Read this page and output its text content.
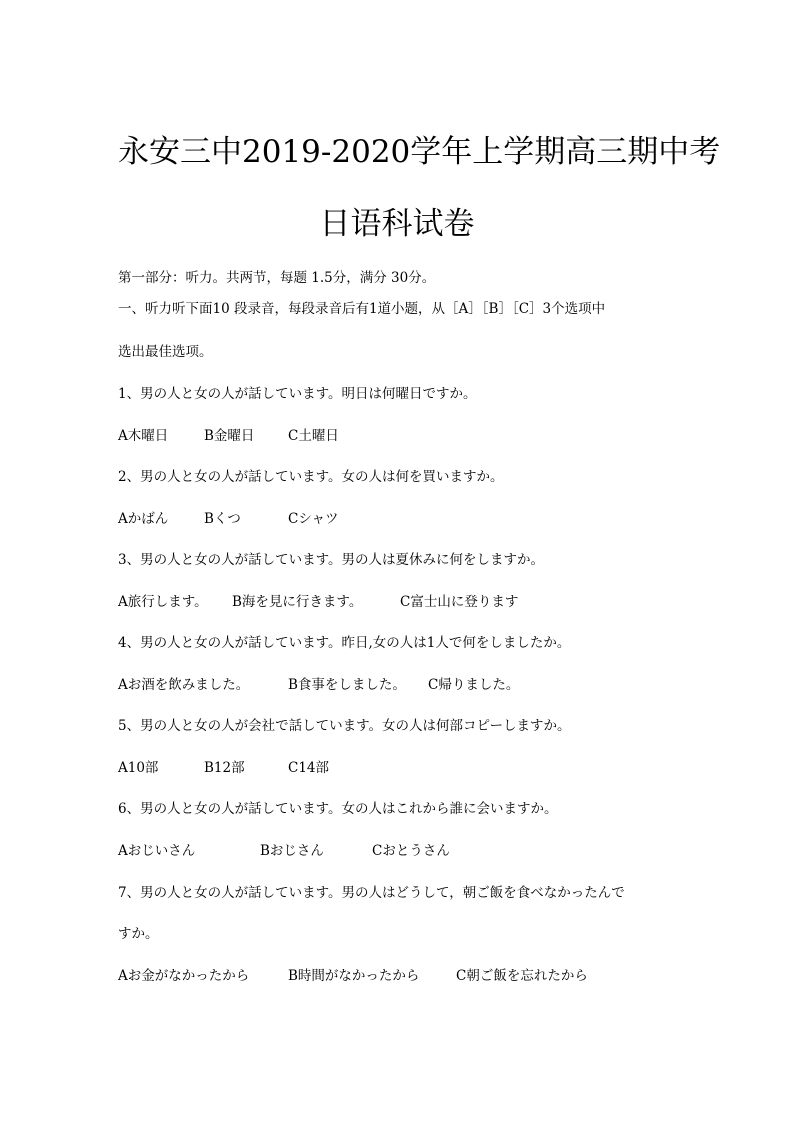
永安三中2019-2020学年上学期高三期中考
日语科试卷
第一部分：听力。共两节，每题 1.5分，满分 30分。
一、听力听下面10 段录音，每段录音后有1道小题，从［A］［B］［C］3个选项中
选出最佳选项。
1、男の人と女の人が話しています。明日は何曜日ですか。
A木曜日	B金曜日 C土曜日
2、男の人と女の人が話しています。女の人は何を買いますか。
Aかばん	Bくつ	Cシャツ
3、男の人と女の人が話しています。男の人は夏休みに何をしますか。
A旅行します。 B海を見に行きます。	C富士山に登ります
4、男の人と女の人が話しています。昨日,女の人は1人で何をしましたか。
Aお酒を飲みました。	B食事をしました。 C帰りました。
5、男の人と女の人が会社で話しています。女の人は何部コピーしますか。
A10部	B12部	C14部
6、男の人と女の人が話しています。女の人はこれから誰に会いますか。
Aおじいさん	Bおじさん	Cおとうさん
7、男の人と女の人が話しています。男の人はどうして，朝ご飯を食べなかったんで
すか。
Aお金がなかったから	B時間がなかったから	C朝ご飯を忘れたから
